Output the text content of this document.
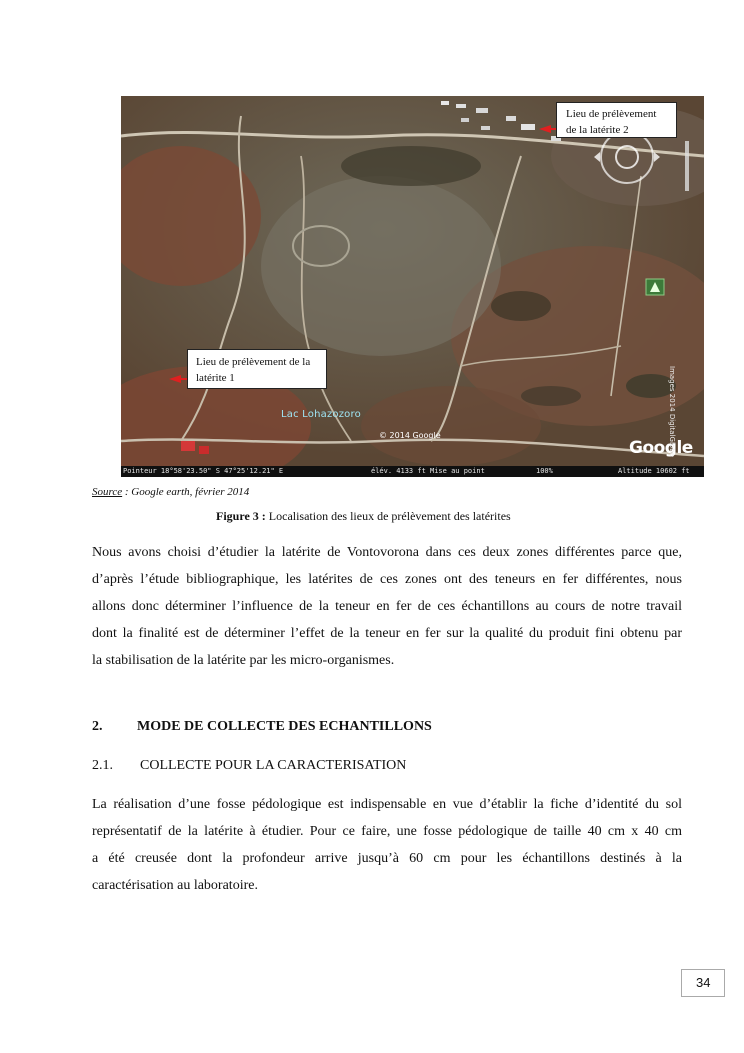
Lieu de prélèvement de la latérite 2
Lieu de prélèvement de la latérite 1
Lac Lohazozoro
© 2014 Google
Google
Pointeur 18°58'23.50" S 47°25'12.21" E	élév. 4133 ft Mise au point	100%	Altitude 10602 ft
Source : Google earth, février 2014
Figure 3 : Localisation des lieux de prélèvement des latérites
Nous avons choisi d’étudier la latérite de Vontovorona dans ces deux zones différentes parce que,
d’après l’étude bibliographique, les latérites de ces zones ont des teneurs en fer différentes, nous
allons donc déterminer l’influence de la teneur en fer de ces échantillons au cours de notre travail
dont la finalité est de déterminer l’effet de la teneur en fer sur la qualité du produit fini obtenu par
la stabilisation de la latérite par les micro-organismes.
2. MODE DE COLLECTE DES ECHANTILLONS
2.1. COLLECTE POUR LA CARACTERISATION
La réalisation d’une fosse pédologique est indispensable en vue d’établir la fiche d’identité du sol
représentatif de la latérite à étudier. Pour ce faire, une fosse pédologique de taille 40 cm x 40 cm
a été creusée dont la profondeur arrive jusqu’à 60 cm pour les échantillons destinés à la
caractérisation au laboratoire.
34
